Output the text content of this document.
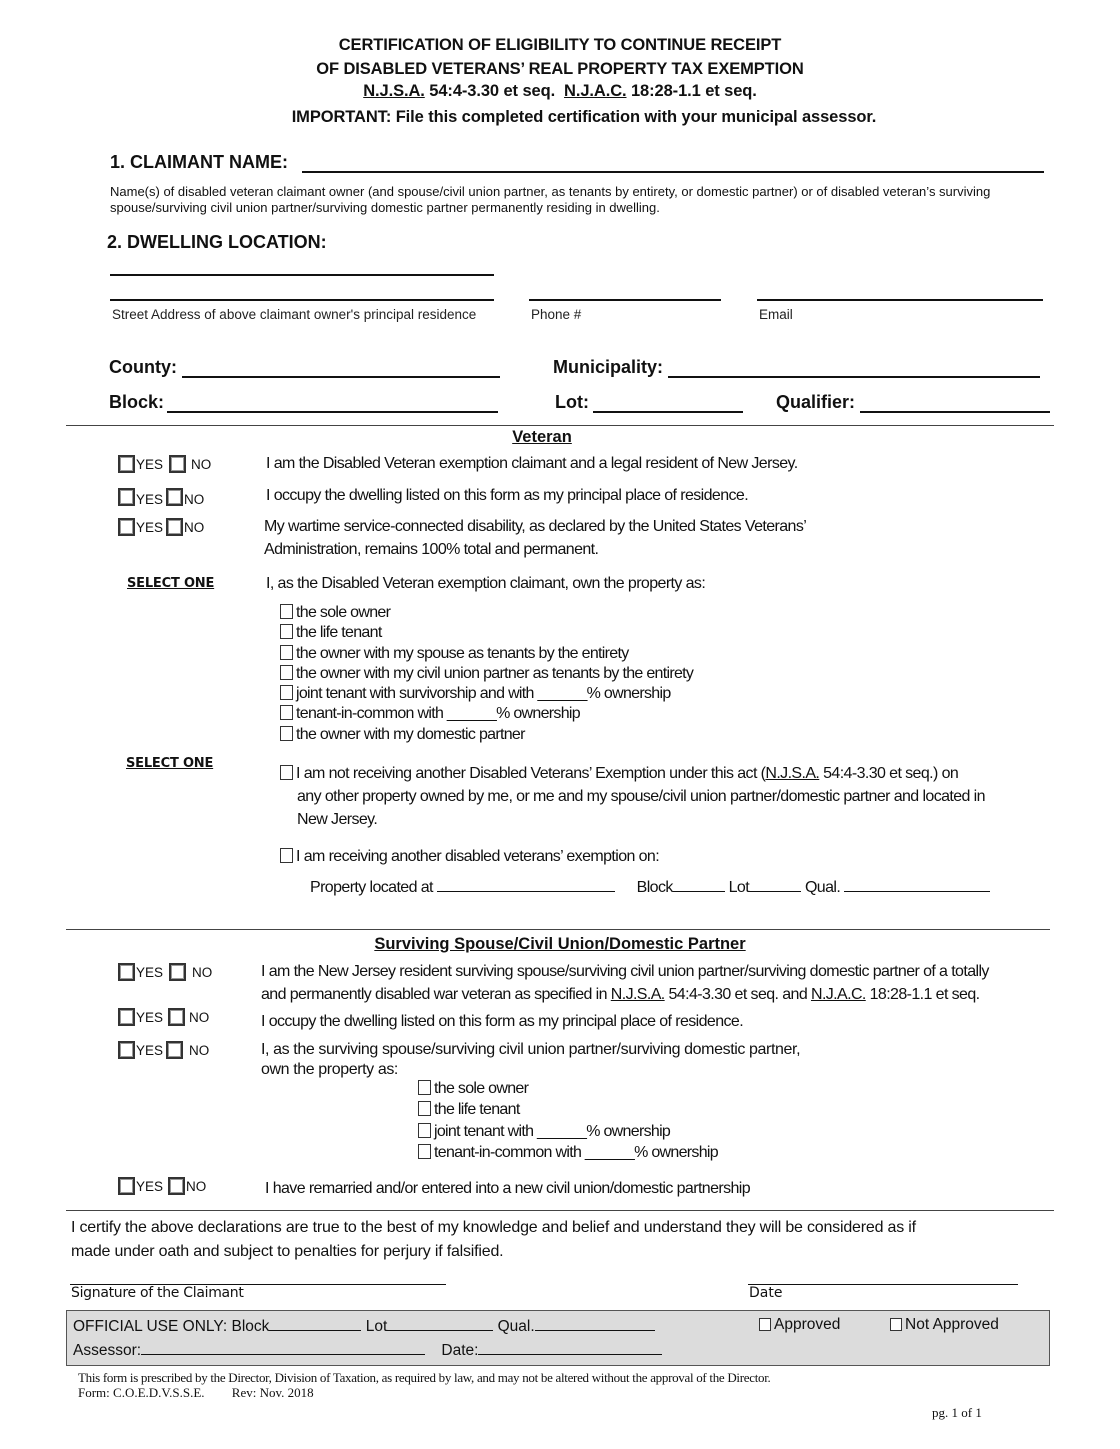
CERTIFICATION OF ELIGIBILITY TO CONTINUE RECEIPT
OF DISABLED VETERANS’ REAL PROPERTY TAX EXEMPTION
N.J.S.A. 54:4-3.30 et seq. N.J.A.C. 18:28-1.1 et seq.
IMPORTANT: File this completed certification with your municipal assessor.
1. CLAIMANT NAME:
Name(s) of disabled veteran claimant owner (and spouse/civil union partner, as tenants by entirety, or domestic partner) or of disabled veteran’s surviving spouse/surviving civil union partner/surviving domestic partner permanently residing in dwelling.
2. DWELLING LOCATION:
Street Address of above claimant owner's principal residence	Phone #	Email
County:	Municipality:
Block:	Lot:	Qualifier:
Veteran
YES NO	I am the Disabled Veteran exemption claimant and a legal resident of New Jersey.
YES NO	I occupy the dwelling listed on this form as my principal place of residence.
YES NO	My wartime service-connected disability, as declared by the United States Veterans’
Administration, remains 100% total and permanent.
SELECT ONE	I, as the Disabled Veteran exemption claimant, own the property as:
the sole owner
the life tenant
the owner with my spouse as tenants by the entirety
the owner with my civil union partner as tenants by the entirety
joint tenant with survivorship and with ______% ownership
tenant-in-common with ______% ownership
the owner with my domestic partner
SELECT ONE
I am not receiving another Disabled Veterans’ Exemption under this act (N.J.S.A. 54:4-3.30 et seq.) on
any other property owned by me, or me and my spouse/civil union partner/domestic partner and located in
New Jersey.
I am receiving another disabled veterans’ exemption on:
Property located at	Block	Lot	Qual.
Surviving Spouse/Civil Union/Domestic Partner
YES NO	I am the New Jersey resident surviving spouse/surviving civil union partner/surviving domestic partner of a totally
and permanently disabled war veteran as specified in N.J.S.A. 54:4-3.30 et seq. and N.J.A.C. 18:28-1.1 et seq.
YES NO	I occupy the dwelling listed on this form as my principal place of residence.
YES NO	I, as the surviving spouse/surviving civil union partner/surviving domestic partner,
own the property as:
the sole owner
the life tenant
joint tenant with ______% ownership
tenant-in-common with ______% ownership
YES NO	I have remarried and/or entered into a new civil union/domestic partnership
I certify the above declarations are true to the best of my knowledge and belief and understand they will be considered as if
made under oath and subject to penalties for perjury if falsified.
Signature of the Claimant	Date
OFFICIAL USE ONLY: Block	Lot	Qual.	Approved	Not Approved
Assessor:	Date:
This form is prescribed by the Director, Division of Taxation, as required by law, and may not be altered without the approval of the Director.
Form: C.O.E.D.V.S.S.E. Rev: Nov. 2018
pg. 1 of 1
